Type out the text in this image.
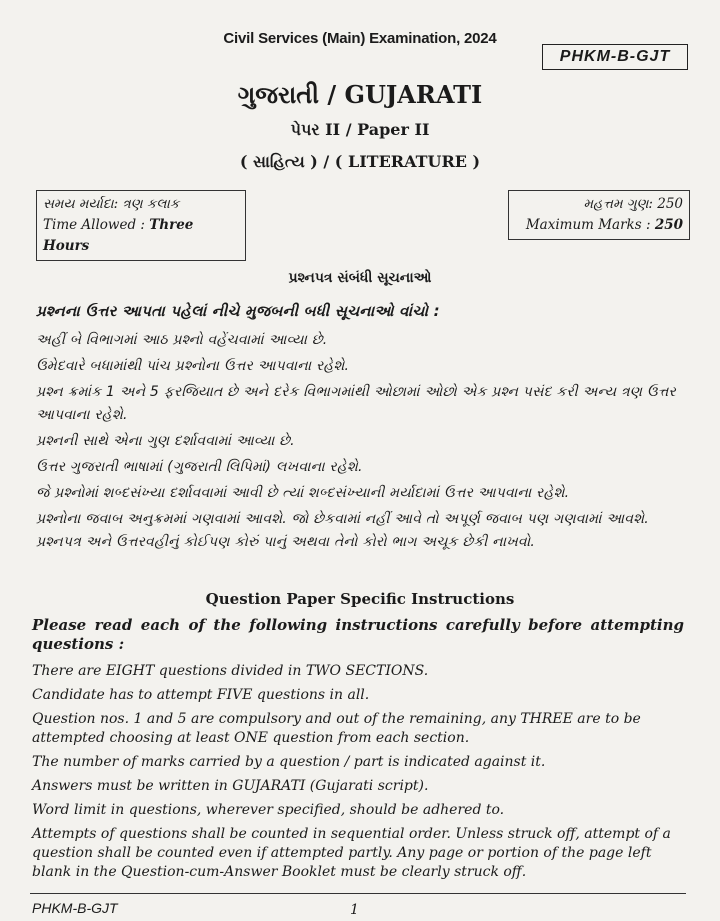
Civil Services (Main) Examination, 2024
PHKM-B-GJT
ગુજરાતી / GUJARATI
પેપર II / Paper II
( સાહિત્ય ) / ( LITERATURE )
સમય મર્યાદા: ત્રણ કલાક
Time Allowed : Three Hours
મહત્તમ ગુણ: 250
Maximum Marks : 250
પ્રશ્નપત્ર સંબંધી સૂચનાઓ
પ્રશ્નના ઉત્તર આપતા પહેલાં નીચે મુજબની બધી સૂચનાઓ વાંચો :
અહીં બે વિભાગમાં આઠ પ્રશ્નો વહેંચવામાં આવ્યા છે.
ઉમેદવારે બધામાંથી પાંચ પ્રશ્નોના ઉત્તર આપવાના રહેશે.
પ્રશ્ન ક્રમાંક 1 અને 5 ફરજિયાત છે અને દરેક વિભાગમાંથી ઓછામાં ઓછો એક પ્રશ્ન પસંદ કરી અન્ય ત્રણ ઉત્તર આપવાના રહેશે.
પ્રશ્નની સાથે એના ગુણ દર્શાવવામાં આવ્યા છે.
ઉત્તર ગુજરાતી ભાષામાં (ગુજરાતી લિપિમાં) લખવાના રહેશે.
જે પ્રશ્નોમાં શબ્દસંખ્યા દર્શાવવામાં આવી છે ત્યાં શબ્દસંખ્યાની મર્યાદામાં ઉત્તર આપવાના રહેશે.
પ્રશ્નોના જવાબ અનુક્રમમાં ગણવામાં આવશે. જો છેકવામાં નહીં આવે તો અપૂર્ણ જવાબ પણ ગણવામાં આવશે. પ્રશ્નપત્ર અને ઉત્તરવહીનું કોઈપણ કોરું પાનું અથવા તેનો કોરો ભાગ અચૂક છેકી નાખવો.
Question Paper Specific Instructions
Please read each of the following instructions carefully before attempting questions :
There are EIGHT questions divided in TWO SECTIONS.
Candidate has to attempt FIVE questions in all.
Question nos. 1 and 5 are compulsory and out of the remaining, any THREE are to be attempted choosing at least ONE question from each section.
The number of marks carried by a question / part is indicated against it.
Answers must be written in GUJARATI (Gujarati script).
Word limit in questions, wherever specified, should be adhered to.
Attempts of questions shall be counted in sequential order. Unless struck off, attempt of a question shall be counted even if attempted partly. Any page or portion of the page left blank in the Question-cum-Answer Booklet must be clearly struck off.
PHKM-B-GJT	1
